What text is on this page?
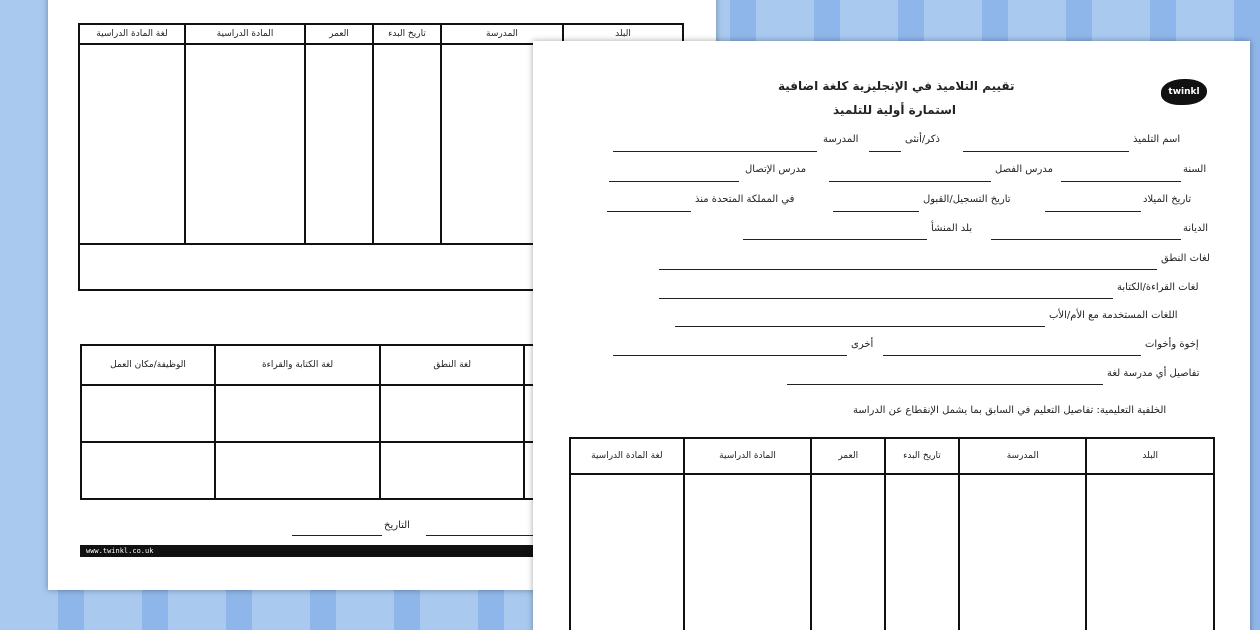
البلد	المدرسة	تاريخ البدء	العمر	المادة الدراسية	لغة المادة الدراسية

	لغة النطق	لغة الكتابة والقراءة	الوظيفة/مكان العمل

التاريخ
www.twinkl.co.uk
twinkl
تقييم التلاميذ في الإنجليزية كلغة اضافية
استمارة أولية للتلميذ
اسم التلميذ
ذكر/أنثى
المدرسة
السنة
مدرس الفصل
مدرس الإتصال
تاريخ الميلاد
تاريخ التسجيل/القبول
في المملكة المتحدة منذ
الديانة
بلد المنشأ
لغات النطق
لغات القراءة/الكتابة
اللغات المستخدمة مع الأم/الأب
إخوة وأخوات
أخرى
تفاصيل أي مدرسة لغة
الخلفية التعليمية: تفاصيل التعليم في السابق بما يشمل الإنقطاع عن الدراسة
البلد	المدرسة	تاريخ البدء	العمر	المادة الدراسية	لغة المادة الدراسية
